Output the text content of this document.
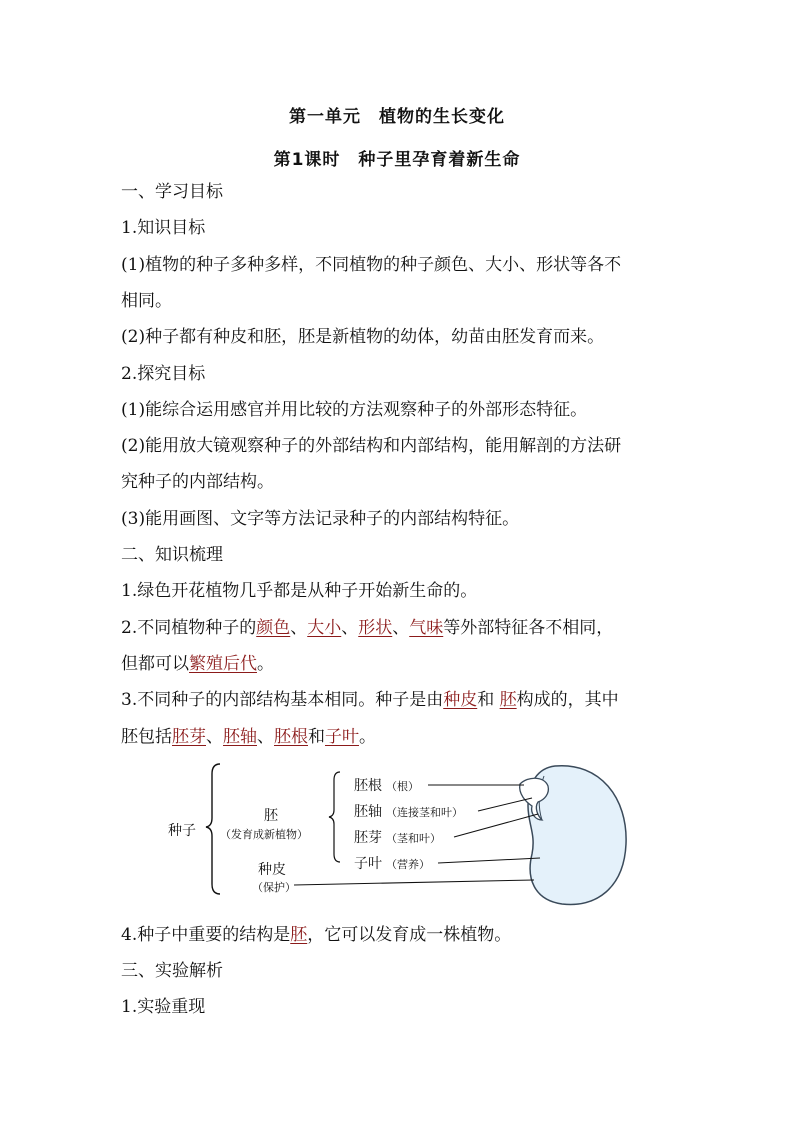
第一单元　植物的生长变化
第1课时　种子里孕育着新生命
一、学习目标
1.知识目标
(1)植物的种子多种多样，不同植物的种子颜色、大小、形状等各不
相同。
(2)种子都有种皮和胚，胚是新植物的幼体，幼苗由胚发育而来。
2.探究目标
(1)能综合运用感官并用比较的方法观察种子的外部形态特征。
(2)能用放大镜观察种子的外部结构和内部结构，能用解剖的方法研
究种子的内部结构。
(3)能用画图、文字等方法记录种子的内部结构特征。
二、知识梳理
1.绿色开花植物几乎都是从种子开始新生命的。
2.不同植物种子的颜色、大小、形状、气味等外部特征各不相同，
但都可以繁殖后代。
3.不同种子的内部结构基本相同。种子是由种皮和 胚构成的，其中
胚包括胚芽、胚轴、胚根和子叶。
种子
胚
（发育成新植物）
种皮
（保护）
胚根 （根）
胚轴 （连接茎和叶）
胚芽 （茎和叶）
子叶 （营养）
4.种子中重要的结构是胚，它可以发育成一株植物。
三、实验解析
1.实验重现
